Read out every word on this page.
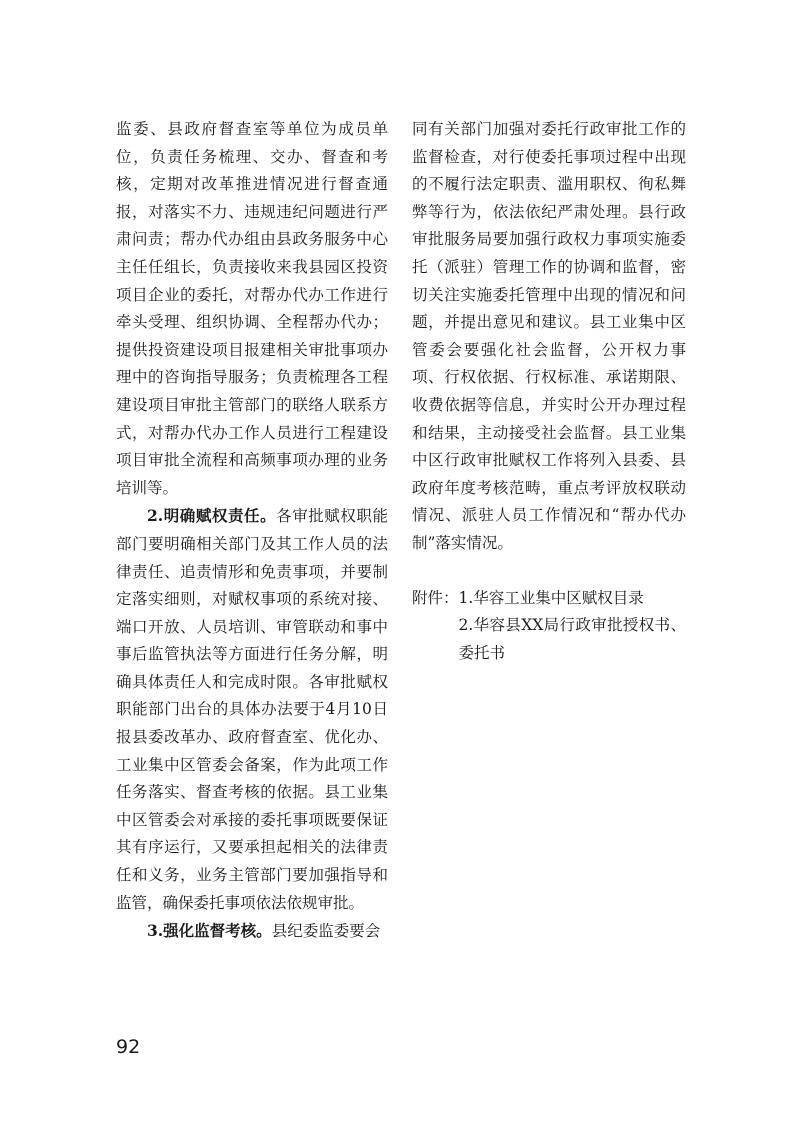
监委、县政府督查室等单位为成员单位，负责任务梳理、交办、督查和考核，定期对改革推进情况进行督查通报，对落实不力、违规违纪问题进行严肃问责；帮办代办组由县政务服务中心主任任组长，负责接收来我县园区投资项目企业的委托，对帮办代办工作进行牵头受理、组织协调、全程帮办代办；提供投资建设项目报建相关审批事项办理中的咨询指导服务；负责梳理各工程建设项目审批主管部门的联络人联系方式，对帮办代办工作人员进行工程建设项目审批全流程和高频事项办理的业务培训等。

2.明确赋权责任。各审批赋权职能部门要明确相关部门及其工作人员的法律责任、追责情形和免责事项，并要制定落实细则，对赋权事项的系统对接、端口开放、人员培训、审管联动和事中事后监管执法等方面进行任务分解，明确具体责任人和完成时限。各审批赋权职能部门出台的具体办法要于4月10日报县委改革办、政府督查室、优化办、工业集中区管委会备案，作为此项工作任务落实、督查考核的依据。县工业集中区管委会对承接的委托事项既要保证其有序运行，又要承担起相关的法律责任和义务，业务主管部门要加强指导和监管，确保委托事项依法依规审批。

3.强化监督考核。县纪委监委要会

同有关部门加强对委托行政审批工作的监督检查，对行使委托事项过程中出现的不履行法定职责、滥用职权、徇私舞弊等行为，依法依纪严肃处理。县行政审批服务局要加强行政权力事项实施委托（派驻）管理工作的协调和监督，密切关注实施委托管理中出现的情况和问题，并提出意见和建议。县工业集中区管委会要强化社会监督，公开权力事项、行权依据、行权标准、承诺期限、收费依据等信息，并实时公开办理过程和结果，主动接受社会监督。县工业集中区行政审批赋权工作将列入县委、县政府年度考核范畴，重点考评放权联动情况、派驻人员工作情况和“帮办代办制”落实情况。

附件： 1.华容工业集中区赋权目录
2.华容县XX局行政审批授权书、委托书
92
